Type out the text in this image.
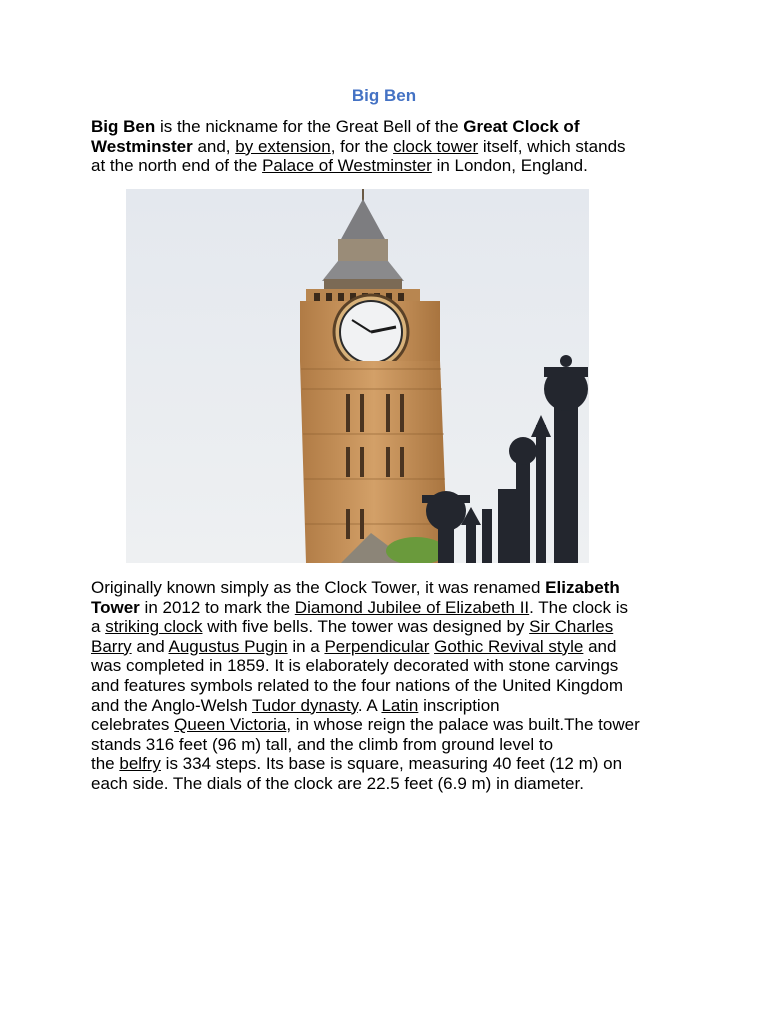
Big Ben

Big Ben is the nickname for the Great Bell of the Great Clock of
Westminster and, by extension, for the clock tower itself, which stands
at the north end of the Palace of Westminster in London, England.

Originally known simply as the Clock Tower, it was renamed Elizabeth
Tower in 2012 to mark the Diamond Jubilee of Elizabeth II. The clock is
a striking clock with five bells. The tower was designed by Sir Charles
Barry and Augustus Pugin in a Perpendicular Gothic Revival style and
was completed in 1859. It is elaborately decorated with stone carvings
and features symbols related to the four nations of the United Kingdom
and the Anglo-Welsh Tudor dynasty. A Latin inscription
celebrates Queen Victoria, in whose reign the palace was built.The tower
stands 316 feet (96 m) tall, and the climb from ground level to
the belfry is 334 steps. Its base is square, measuring 40 feet (12 m) on
each side. The dials of the clock are 22.5 feet (6.9 m) in diameter.
